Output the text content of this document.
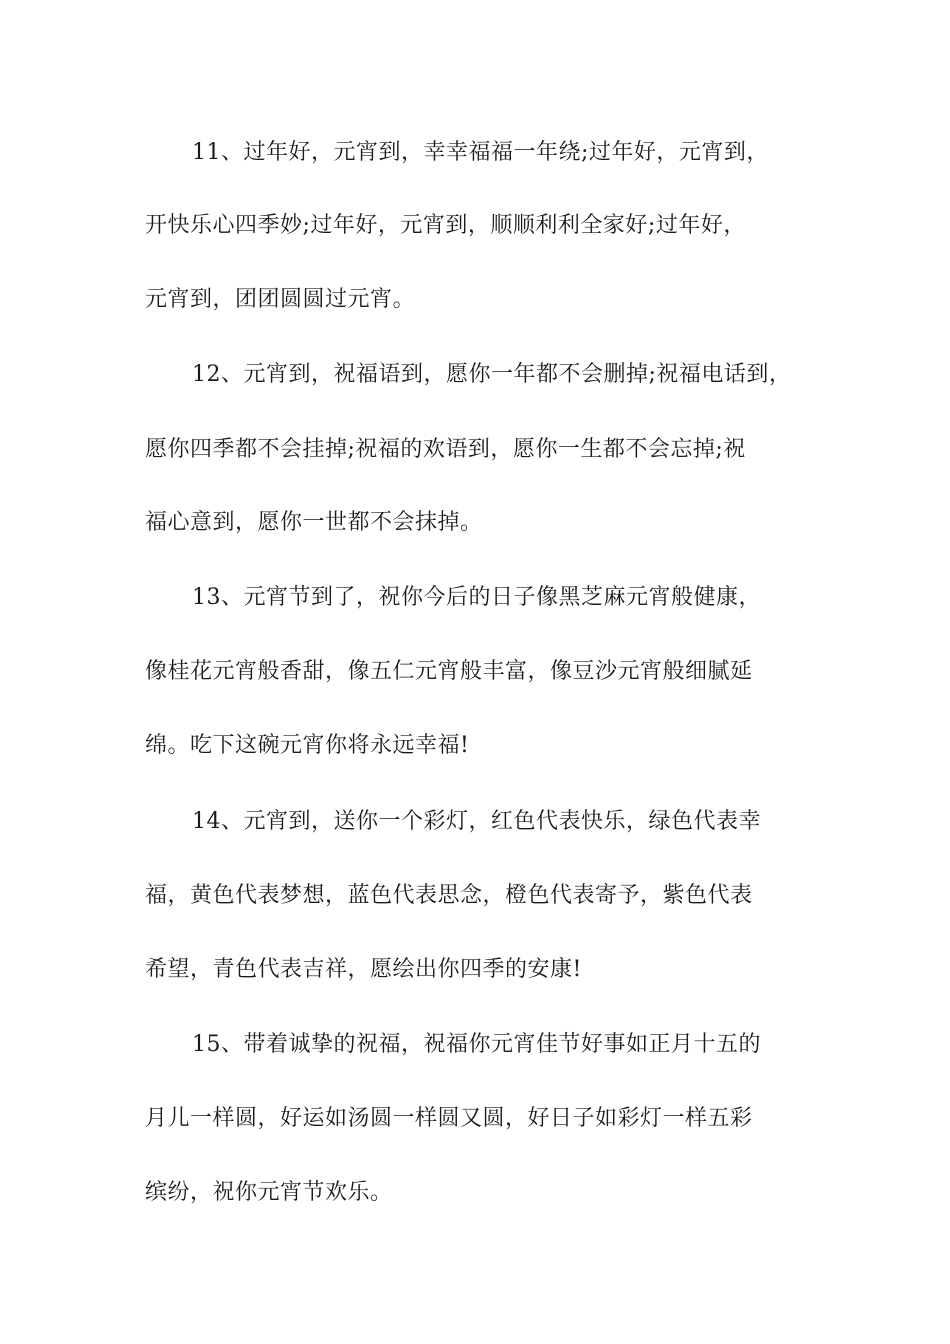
11、过年好，元宵到，幸幸福福一年绕;过年好，元宵到，
开快乐心四季妙;过年好，元宵到，顺顺利利全家好;过年好，
元宵到，团团圆圆过元宵。
12、元宵到，祝福语到，愿你一年都不会删掉;祝福电话到，
愿你四季都不会挂掉;祝福的欢语到，愿你一生都不会忘掉;祝
福心意到，愿你一世都不会抹掉。
13、元宵节到了，祝你今后的日子像黑芝麻元宵般健康，
像桂花元宵般香甜，像五仁元宵般丰富，像豆沙元宵般细腻延
绵。吃下这碗元宵你将永远幸福!
14、元宵到，送你一个彩灯，红色代表快乐，绿色代表幸
福，黄色代表梦想，蓝色代表思念，橙色代表寄予，紫色代表
希望，青色代表吉祥，愿绘出你四季的安康!
15、带着诚挚的祝福，祝福你元宵佳节好事如正月十五的
月儿一样圆，好运如汤圆一样圆又圆，好日子如彩灯一样五彩
缤纷，祝你元宵节欢乐。
